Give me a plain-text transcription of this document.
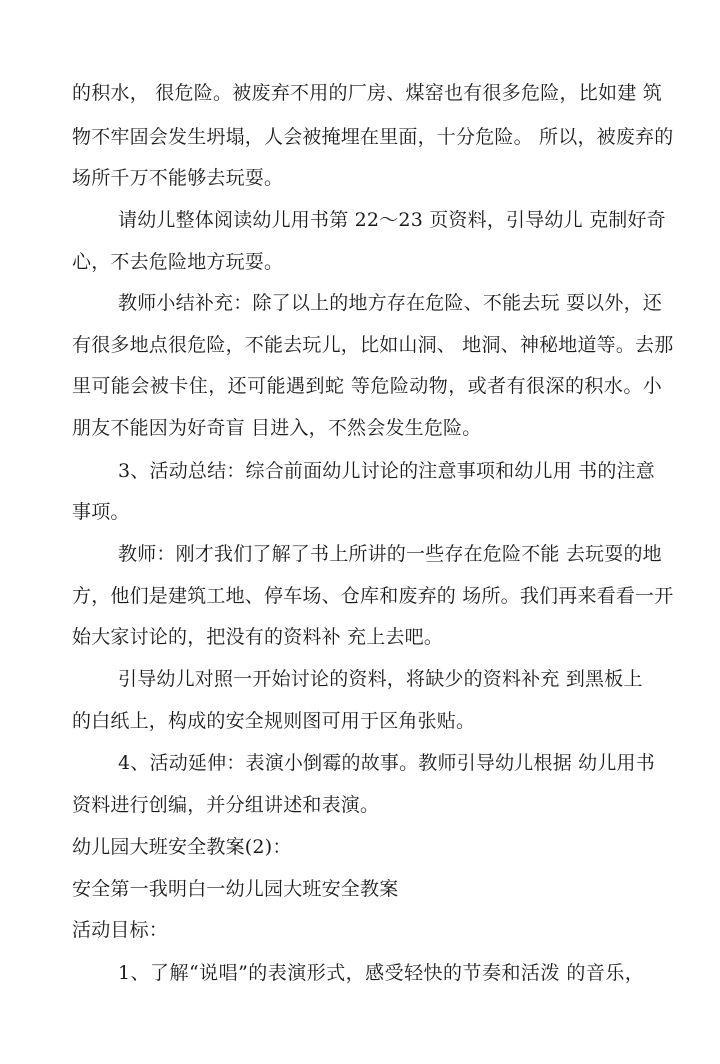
的积水， 很危险。被废弃不用的厂房、煤窑也有很多危险，比如建 筑
物不牢固会发生坍塌，人会被掩埋在里面，十分危险。 所以，被废弃的
场所千万不能够去玩耍。
请幼儿整体阅读幼儿用书第 22～23 页资料，引导幼儿 克制好奇
心，不去危险地方玩耍。
教师小结补充：除了以上的地方存在危险、不能去玩 耍以外，还
有很多地点很危险，不能去玩儿，比如山洞、 地洞、神秘地道等。去那
里可能会被卡住，还可能遇到蛇 等危险动物，或者有很深的积水。小
朋友不能因为好奇盲 目进入，不然会发生危险。
3、活动总结：综合前面幼儿讨论的注意事项和幼儿用 书的注意
事项。
教师：刚才我们了解了书上所讲的一些存在危险不能 去玩耍的地
方，他们是建筑工地、停车场、仓库和废弃的 场所。我们再来看看一开
始大家讨论的，把没有的资料补 充上去吧。
引导幼儿对照一开始讨论的资料，将缺少的资料补充 到黑板上
的白纸上，构成的安全规则图可用于区角张贴。
4、活动延伸：表演小倒霉的故事。教师引导幼儿根据 幼儿用书
资料进行创编，并分组讲述和表演。
幼儿园大班安全教案(2)：
安全第一我明白一幼儿园大班安全教案
活动目标：
1、了解“说唱”的表演形式，感受轻快的节奏和活泼 的音乐，
